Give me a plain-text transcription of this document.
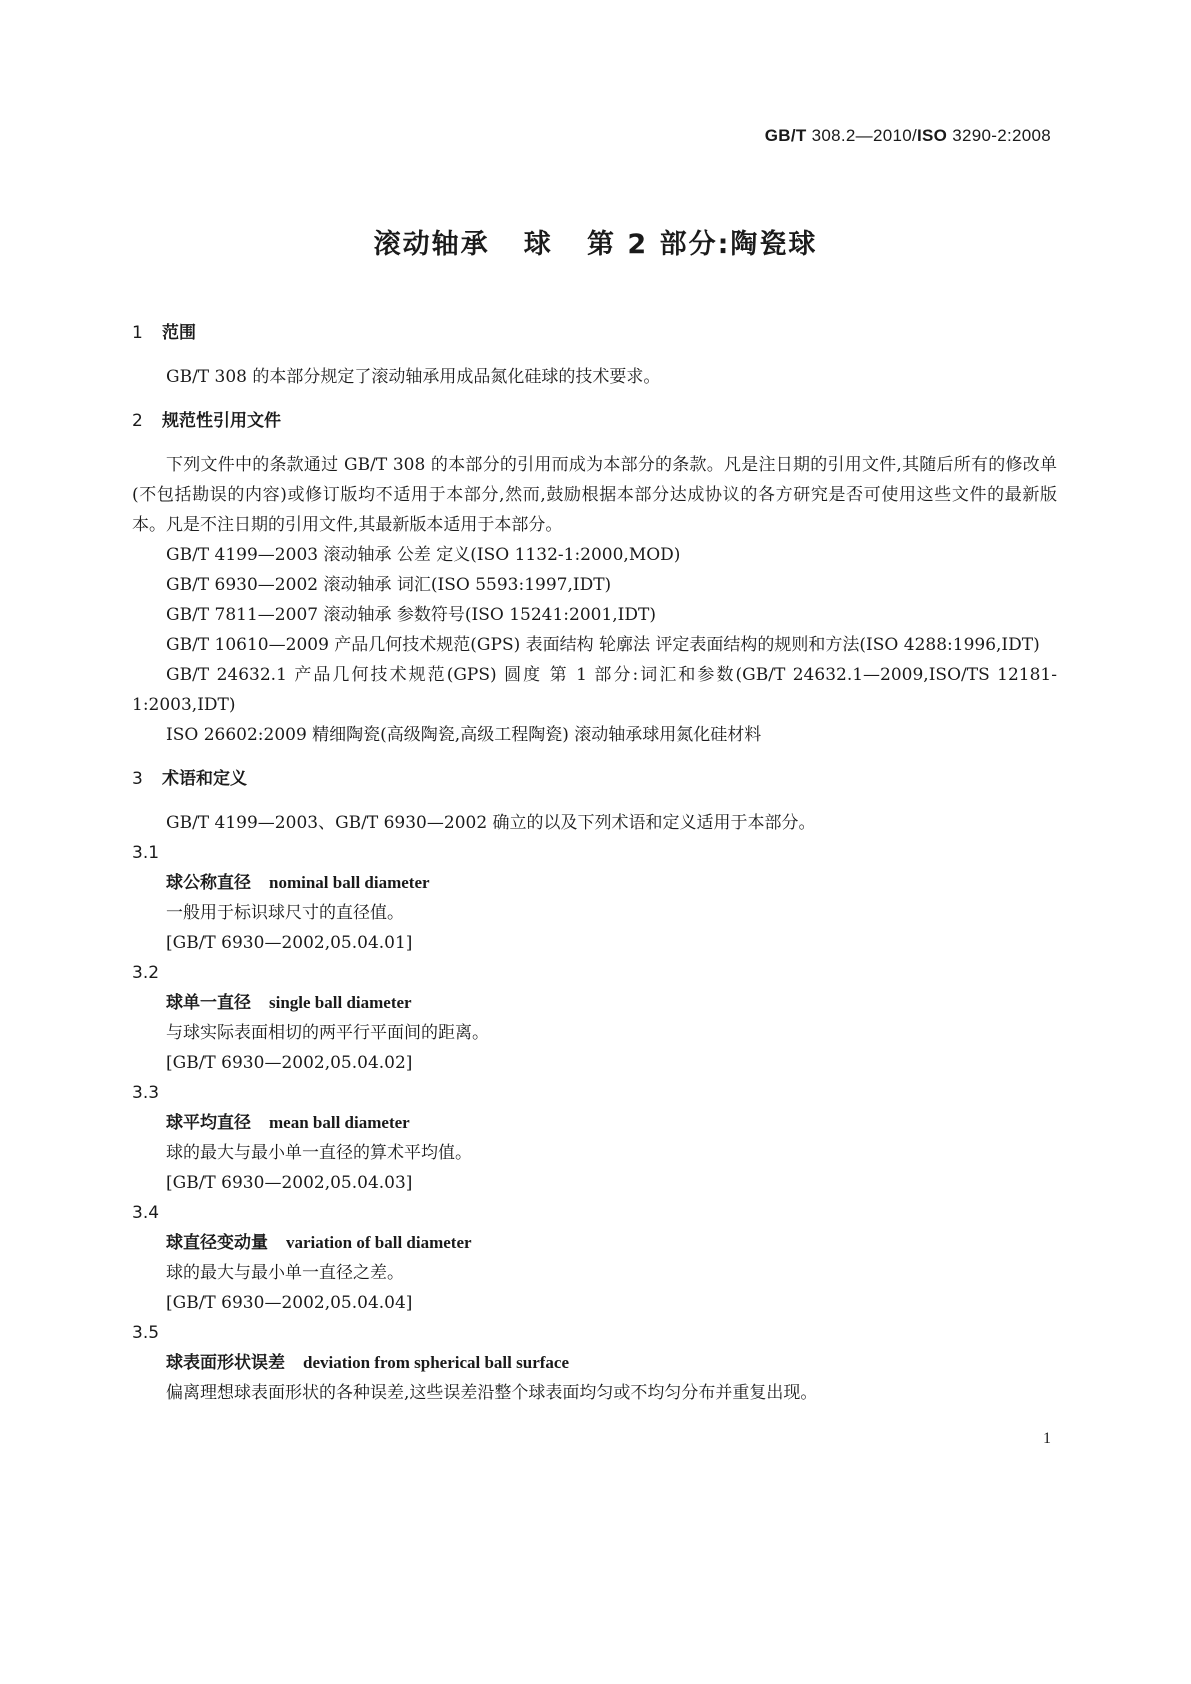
GB/T 308.2—2010/ISO 3290-2:2008
滚动轴承   球   第 2 部分:陶瓷球
1 范围

GB/T 308 的本部分规定了滚动轴承用成品氮化硅球的技术要求。

2 规范性引用文件

下列文件中的条款通过 GB/T 308 的本部分的引用而成为本部分的条款。凡是注日期的引用文件,其随后所有的修改单(不包括勘误的内容)或修订版均不适用于本部分,然而,鼓励根据本部分达成协议的各方研究是否可使用这些文件的最新版本。凡是不注日期的引用文件,其最新版本适用于本部分。

GB/T 4199—2003 滚动轴承 公差 定义(ISO 1132-1:2000,MOD)

GB/T 6930—2002 滚动轴承 词汇(ISO 5593:1997,IDT)

GB/T 7811—2007 滚动轴承 参数符号(ISO 15241:2001,IDT)

GB/T 10610—2009 产品几何技术规范(GPS) 表面结构 轮廓法 评定表面结构的规则和方法(ISO 4288:1996,IDT)

GB/T 24632.1 产品几何技术规范(GPS) 圆度 第 1 部分:词汇和参数(GB/T 24632.1—2009,ISO/TS 12181-1:2003,IDT)

ISO 26602:2009 精细陶瓷(高级陶瓷,高级工程陶瓷) 滚动轴承球用氮化硅材料

3 术语和定义

GB/T 4199—2003、GB/T 6930—2002 确立的以及下列术语和定义适用于本部分。

3.1
球公称直径 nominal ball diameter
一般用于标识球尺寸的直径值。
[GB/T 6930—2002,05.04.01]
3.2
球单一直径 single ball diameter
与球实际表面相切的两平行平面间的距离。
[GB/T 6930—2002,05.04.02]
3.3
球平均直径 mean ball diameter
球的最大与最小单一直径的算术平均值。
[GB/T 6930—2002,05.04.03]
3.4
球直径变动量 variation of ball diameter
球的最大与最小单一直径之差。
[GB/T 6930—2002,05.04.04]
3.5
球表面形状误差 deviation from spherical ball surface
偏离理想球表面形状的各种误差,这些误差沿整个球表面均匀或不均匀分布并重复出现。
1
